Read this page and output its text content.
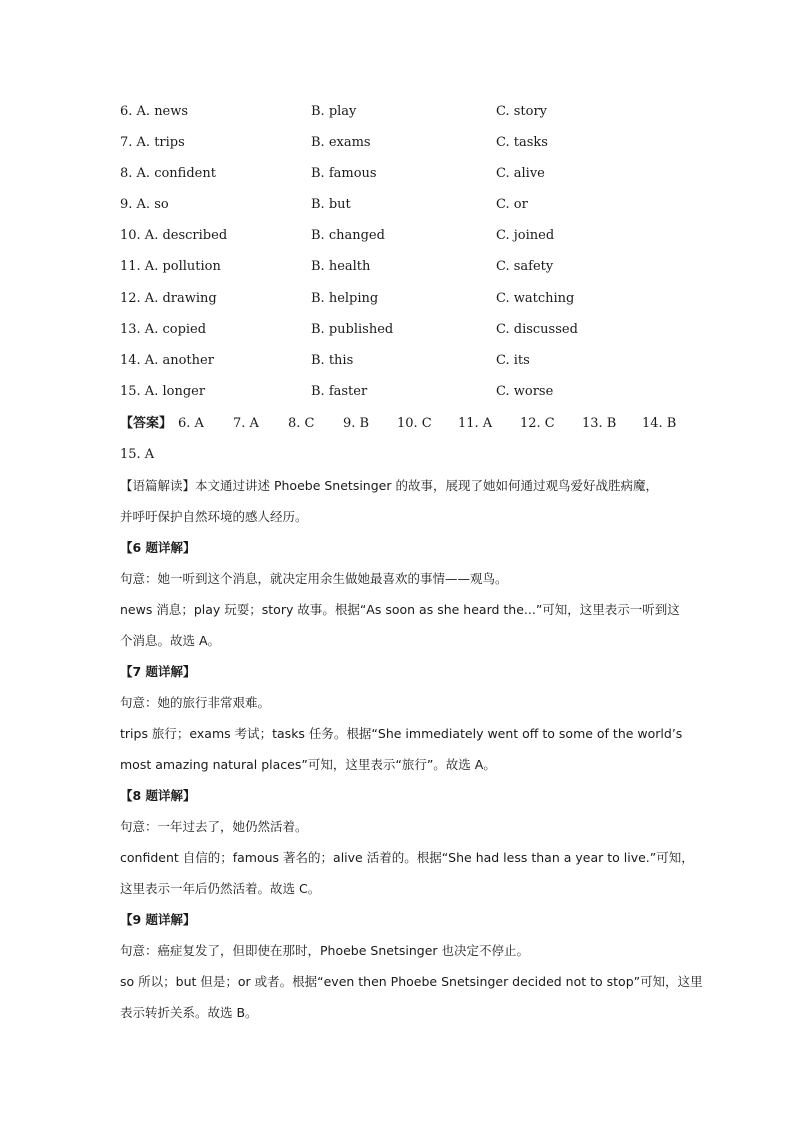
6. A. news	B. play	C. story
7. A. trips	B. exams	C. tasks
8. A. confident	B. famous	C. alive
9. A. so	B. but	C. or
10. A. described	B. changed	C. joined
11. A. pollution	B. health	C. safety
12. A. drawing	B. helping	C. watching
13. A. copied	B. published	C. discussed
14. A. another	B. this	C. its
15. A. longer	B. faster	C. worse
【答案】 6. A 7. A 8. C 9. B 10. C 11. A 12. C 13. B 14. B
15. A
【语篇解读】本文通过讲述 Phoebe Snetsinger 的故事，展现了她如何通过观鸟爱好战胜病魔，
并呼吁保护自然环境的感人经历。
【6 题详解】
句意：她一听到这个消息，就决定用余生做她最喜欢的事情——观鸟。
news 消息；play 玩耍；story 故事。根据“As soon as she heard the...”可知，这里表示一听到这
个消息。故选 A。
【7 题详解】
句意：她的旅行非常艰难。
trips 旅行；exams 考试；tasks 任务。根据“She immediately went off to some of the world’s
most amazing natural places”可知，这里表示“旅行”。故选 A。
【8 题详解】
句意：一年过去了，她仍然活着。
confident 自信的；famous 著名的；alive 活着的。根据“She had less than a year to live.”可知，
这里表示一年后仍然活着。故选 C。
【9 题详解】
句意：癌症复发了，但即使在那时，Phoebe Snetsinger 也决定不停止。
so 所以；but 但是；or 或者。根据“even then Phoebe Snetsinger decided not to stop”可知，这里
表示转折关系。故选 B。
